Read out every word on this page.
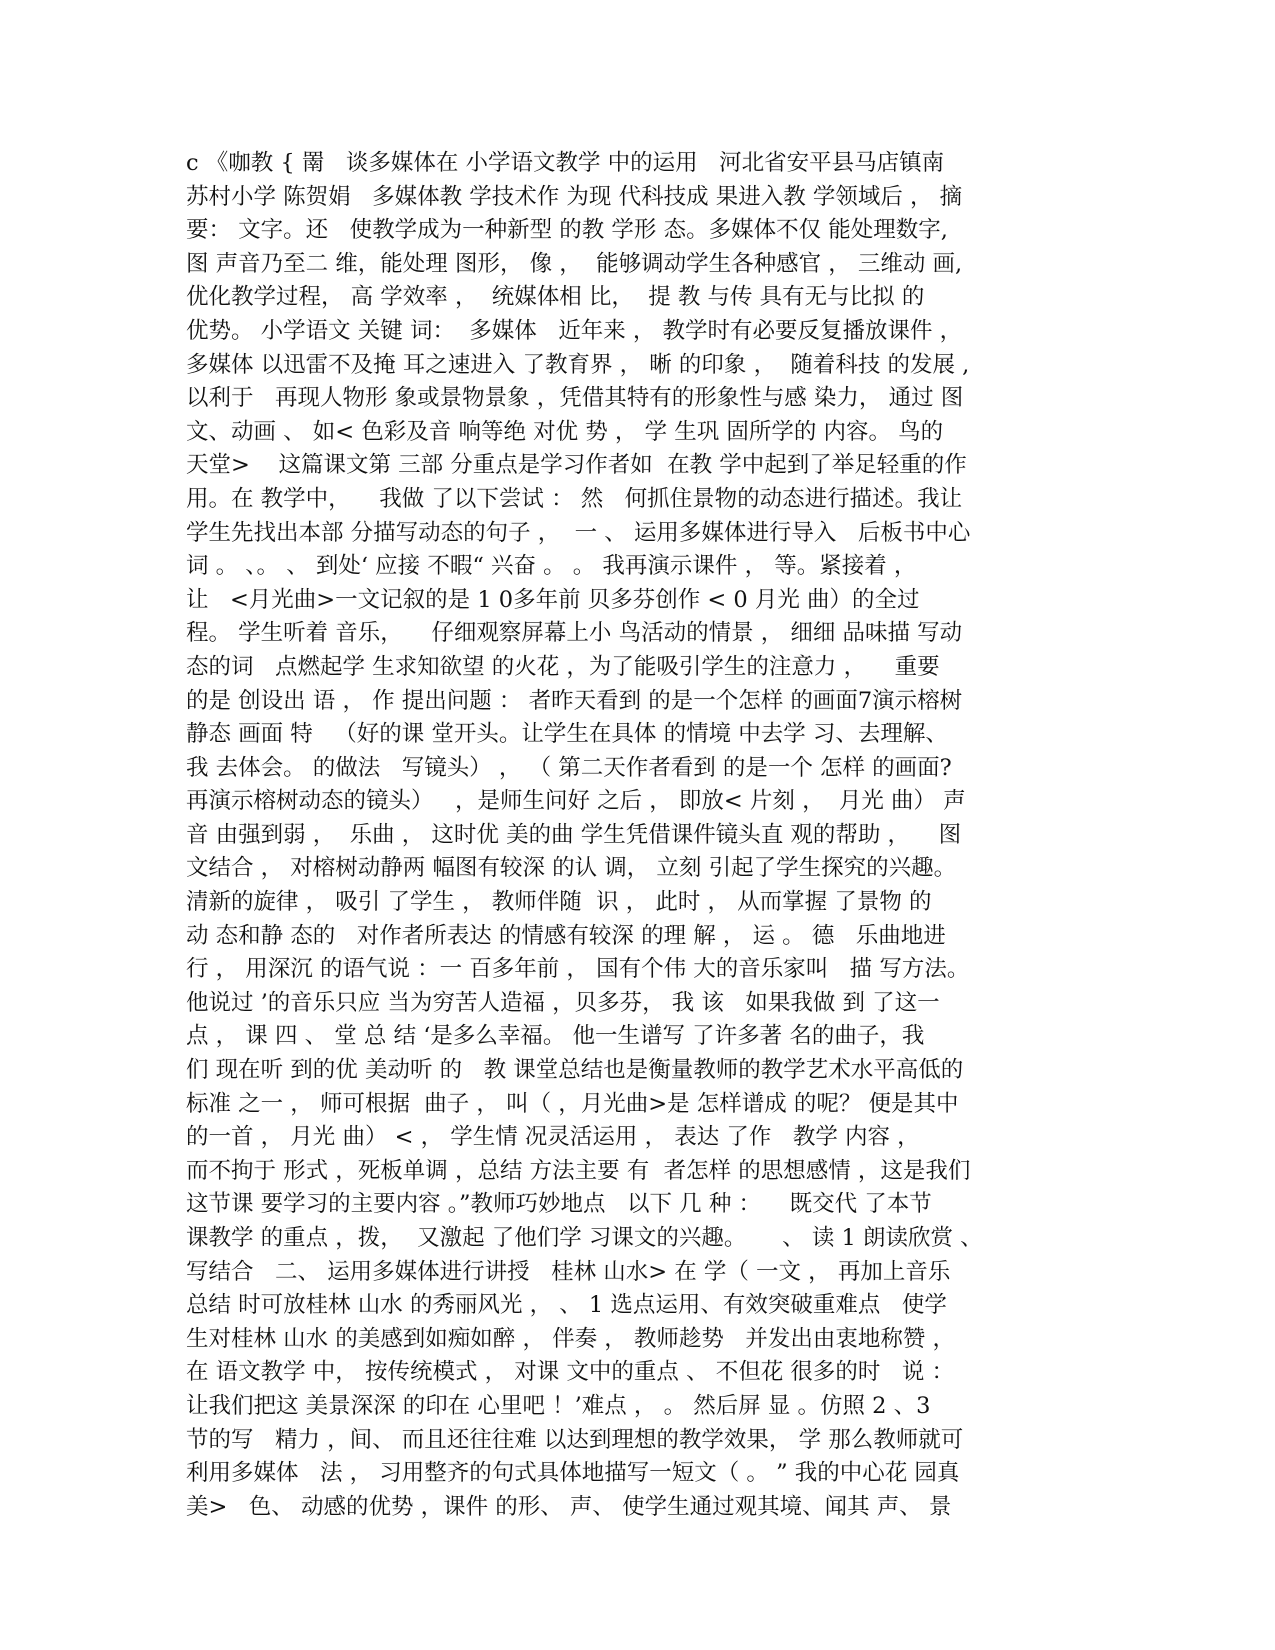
c 《咖教 { 罱   谈多媒体在 小学语文教学 中的运用   河北省安平县马店镇南
苏村小学 陈贺娟   多媒体教 学技术作 为现 代科技成 果进入教 学领域后 ， 摘
要： 文字。还   使教学成为一种新型 的教 学形 态。多媒体不仅 能处理数字,
图 声音乃至二 维，能处理 图形， 像 ，  能够调动学生各种感官 ， 三维动 画,
优化教学过程， 高 学效率 ，  统媒体相 比，  提 教 与传 具有无与比拟 的
优势。 小学语文 关键 词：  多媒体   近年来 ， 教学时有必要反复播放课件 ，
多媒体 以迅雷不及掩 耳之速进入 了教育界 ， 晰 的印象 ，  随着科技 的发展 ,
以利于   再现人物形 象或景物景象 ，凭借其特有的形象性与感 染力， 通过 图
文、动画 、 如< 色彩及音 响等绝 对优 势 ， 学 生巩 固所学的 内容。 鸟的
天堂>    这篇课文第 三部 分重点是学习作者如  在教 学中起到了举足轻重的作
用。在 教学中，    我做 了以下尝试 ： 然   何抓住景物的动态进行描述。我让
学生先找出本部 分描写动态的句子 ，  一 、 运用多媒体进行导入   后板书中心
词 。 、。 、 到处‘ 应接 不暇“ 兴奋 。 。 我再演示课件 ， 等。紧接着 ，
让   <月光曲>一文记叙的是 1 0多年前 贝多芬创作 < 0 月光 曲）的全过
程。 学生听着 音乐，    仔细观察屏幕上小 鸟活动的情景 ， 细细 品味描 写动
态的词   点燃起学 生求知欲望 的火花 ，为了能吸引学生的注意力 ，    重要
的是 创设出 语 ， 作 提出问题 ： 者昨天看到 的是一个怎样 的画面7演示榕树
静态 画面 特   （好的课 堂开头。让学生在具体 的情境 中去学 习、去理解、
我 去体会。 的做法   写镜头） ， （ 第二天作者看到 的是一个 怎样 的画面?
再演示榕树动态的镜头）   ，是师生问好 之后 ， 即放< 片刻 ，  月光 曲） 声
音 由强到弱 ，  乐曲 ， 这时优 美的曲 学生凭借课件镜头直 观的帮助 ，    图
文结合 ， 对榕树动静两 幅图有较深 的认 调， 立刻 引起了学生探究的兴趣。
清新的旋律 ， 吸引 了学生 ， 教师伴随  识 ， 此时 ， 从而掌握 了景物 的
动 态和静 态的   对作者所表达 的情感有较深 的理 解 ， 运 。 德   乐曲地进
行 ， 用深沉 的语气说 ：一 百多年前 ， 国有个伟 大的音乐家叫   描 写方法。
他说过 ’的音乐只应 当为穷苦人造福 ，贝多芬， 我 该   如果我做 到 了这一
点 ， 课 四 、 堂 总 结 ‘是多么幸福。 他一生谱写 了许多著 名的曲子，我
们 现在听 到的优 美动听 的   教 课堂总结也是衡量教师的教学艺术水平高低的
标准 之一 ， 师可根据  曲子 ， 叫（ ，月光曲>是 怎样谱成 的呢？ 便是其中
的一首 ， 月光 曲） < ， 学生情 况灵活运用 ， 表达 了作   教学 内容 ，
而不拘于 形式 ，死板单调 ，总结 方法主要 有  者怎样 的思想感情 ，这是我们
这节课 要学习的主要内容 。”教师巧妙地点   以下 几 种 ：    既交代 了本节
课教学 的重点 ，拨，  又激起 了他们学 习课文的兴趣。     、 读 1 朗读欣赏 、
写结合   二、 运用多媒体进行讲授   桂林 山水> 在 学（ 一文 ， 再加上音乐
总结 时可放桂林 山水 的秀丽风光 ， 、 1 选点运用、有效突破重难点   使学
生对桂林 山水 的美感到如痴如醉 ， 伴奏 ， 教师趁势   并发出由衷地称赞 ，
在 语文教学 中， 按传统模式 ， 对课 文中的重点 、 不但花 很多的时   说 ：
让我们把这 美景深深 的印在 心里吧 ！’难点 ， 。 然后屏 显 。仿照 2 、3
节的写   精力 ，间、 而且还往往难 以达到理想的教学效果， 学 那么教师就可
利用多媒体   法 ， 习用整齐的句式具体地描写一短文（ 。 ” 我的中心花 园真
美>   色、 动感的优势 ，课件 的形、 声、 使学生通过观其境、闻其 声、 景
